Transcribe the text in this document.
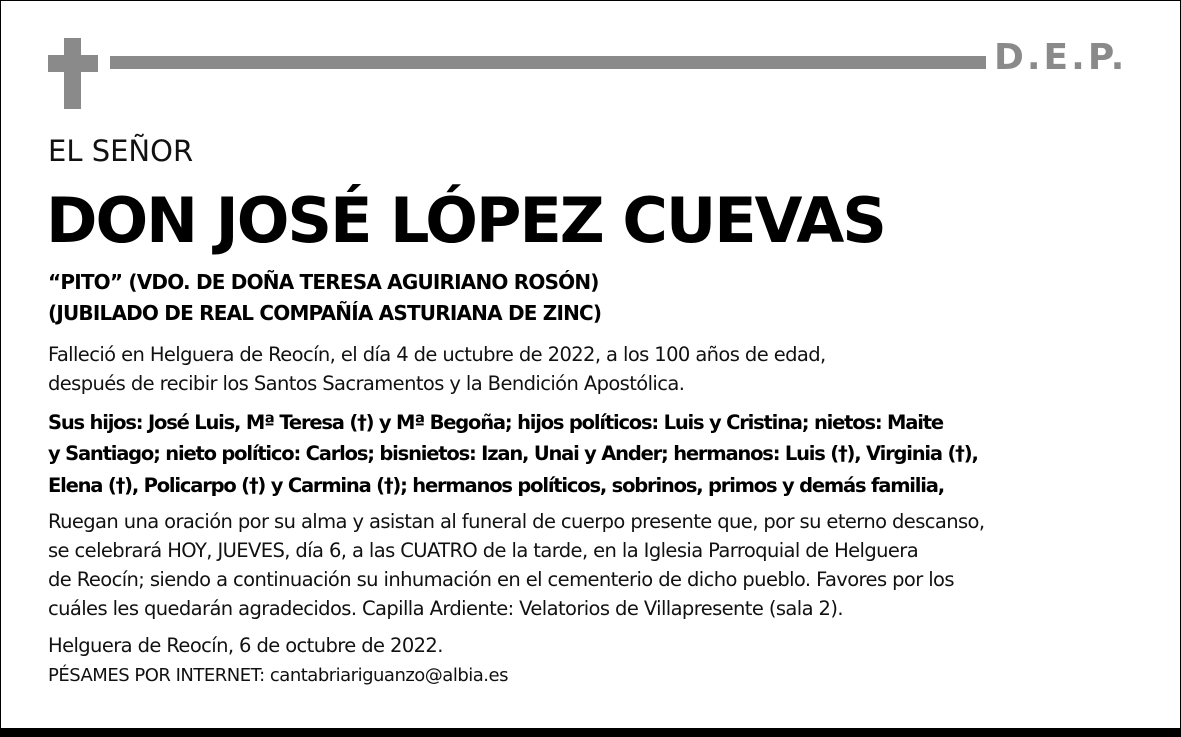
D.E.P.
EL SEÑOR
DON JOSÉ LÓPEZ CUEVAS
“PITO” (VDO. DE DOÑA TERESA AGUIRIANO ROSÓN)
(JUBILADO DE REAL COMPAÑÍA ASTURIANA DE ZINC)
Falleció en Helguera de Reocín, el día 4 de uctubre de 2022, a los 100 años de edad,
después de recibir los Santos Sacramentos y la Bendición Apostólica.
Sus hijos: José Luis, Mª Teresa (†) y Mª Begoña; hijos políticos: Luis y Cristina; nietos: Maite
y Santiago; nieto político: Carlos; bisnietos: Izan, Unai y Ander; hermanos: Luis (†), Virginia (†),
Elena (†), Policarpo (†) y Carmina (†); hermanos políticos, sobrinos, primos y demás familia,
Ruegan una oración por su alma y asistan al funeral de cuerpo presente que, por su eterno descanso,
se celebrará HOY, JUEVES, día 6, a las CUATRO de la tarde, en la Iglesia Parroquial de Helguera
de Reocín; siendo a continuación su inhumación en el cementerio de dicho pueblo. Favores por los
cuáles les quedarán agradecidos. Capilla Ardiente: Velatorios de Villapresente (sala 2).
Helguera de Reocín, 6 de octubre de 2022.
PÉSAMES POR INTERNET: cantabriariguanzo@albia.es
